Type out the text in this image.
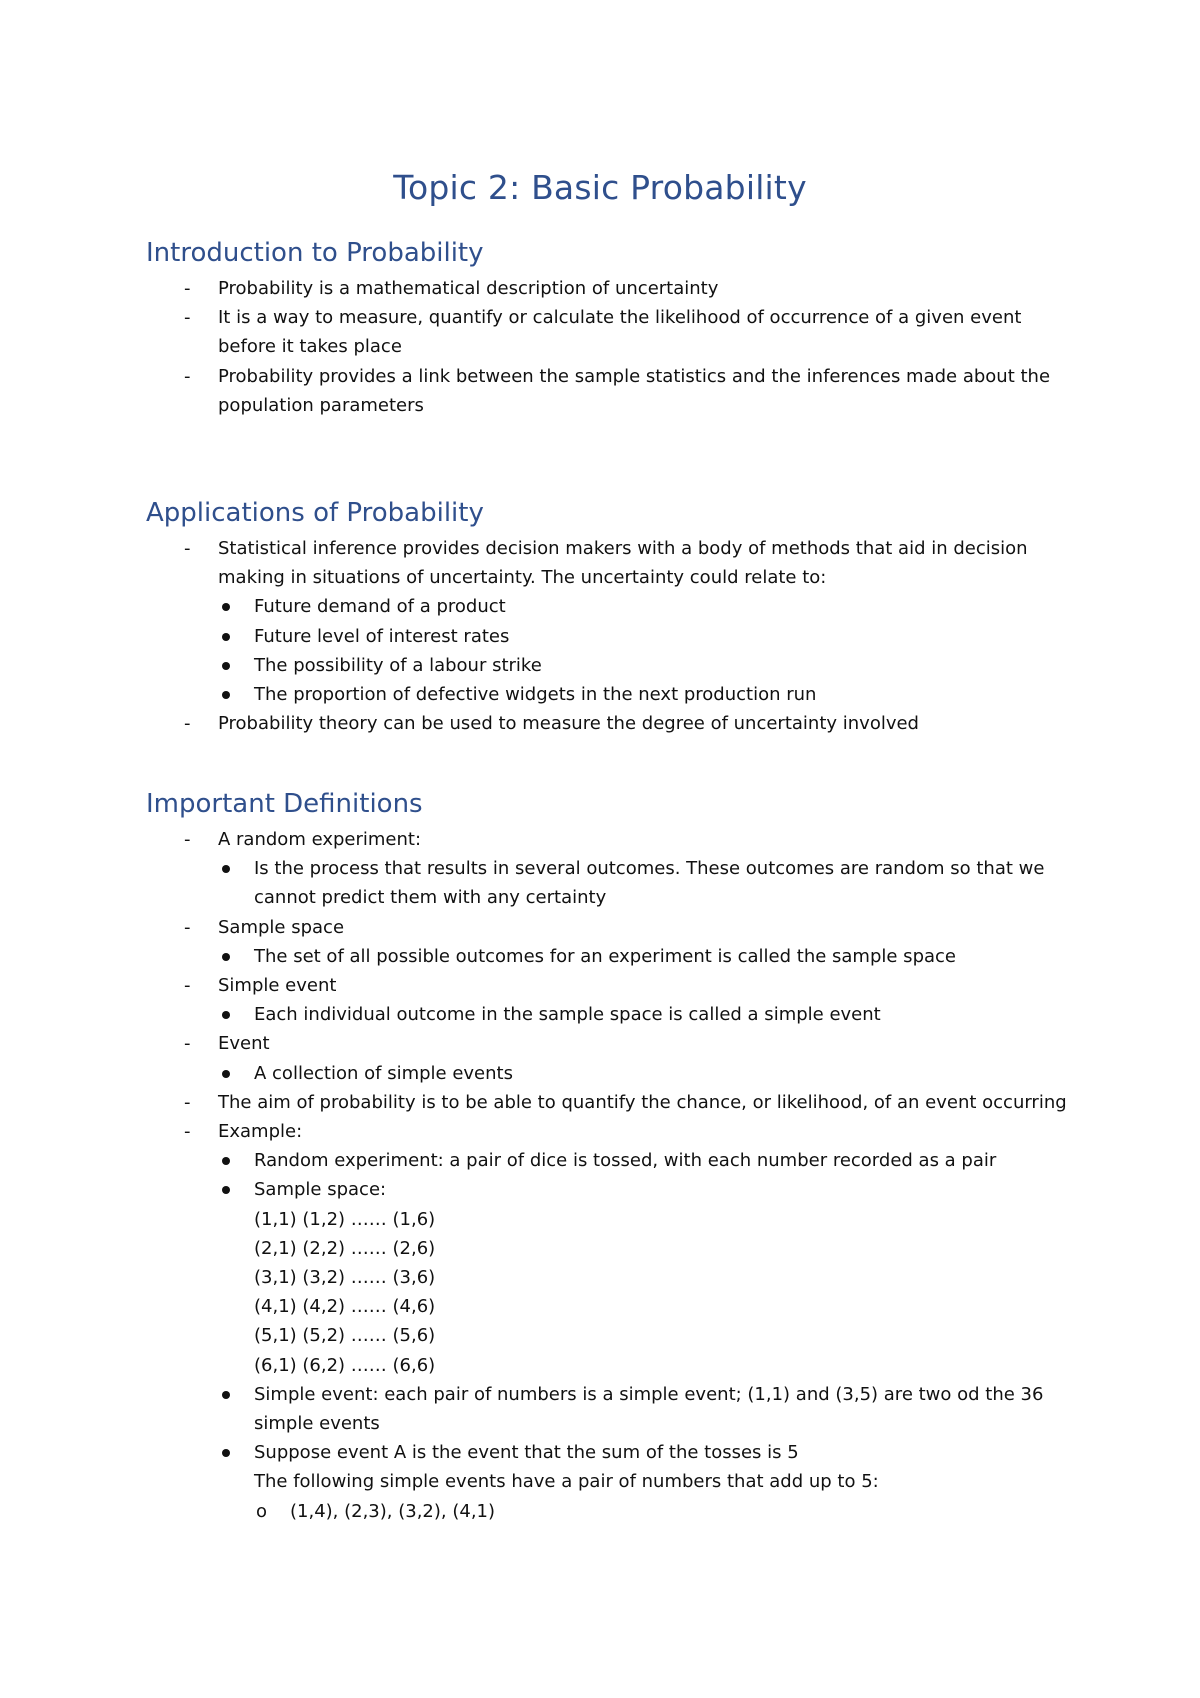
Topic 2: Basic Probability
Introduction to Probability
- Probability is a mathematical description of uncertainty
- It is a way to measure, quantify or calculate the likelihood of occurrence of a given event before it takes place
- Probability provides a link between the sample statistics and the inferences made about the population parameters
Applications of Probability
- Statistical inference provides decision makers with a body of methods that aid in decision making in situations of uncertainty. The uncertainty could relate to:
Future demand of a product
Future level of interest rates
The possibility of a labour strike
The proportion of defective widgets in the next production run
- Probability theory can be used to measure the degree of uncertainty involved
Important Definitions
- A random experiment:
Is the process that results in several outcomes. These outcomes are random so that we cannot predict them with any certainty
- Sample space
The set of all possible outcomes for an experiment is called the sample space
- Simple event
Each individual outcome in the sample space is called a simple event
- Event
A collection of simple events
- The aim of probability is to be able to quantify the chance, or likelihood, of an event occurring
- Example:
Random experiment: a pair of dice is tossed, with each number recorded as a pair
Sample space:
(1,1) (1,2) …… (1,6)
(2,1) (2,2) …… (2,6)
(3,1) (3,2) …… (3,6)
(4,1) (4,2) …… (4,6)
(5,1) (5,2) …… (5,6)
(6,1) (6,2) …… (6,6)
Simple event: each pair of numbers is a simple event; (1,1) and (3,5) are two od the 36 simple events
Suppose event A is the event that the sum of the tosses is 5
The following simple events have a pair of numbers that add up to 5:
o (1,4), (2,3), (3,2), (4,1)
